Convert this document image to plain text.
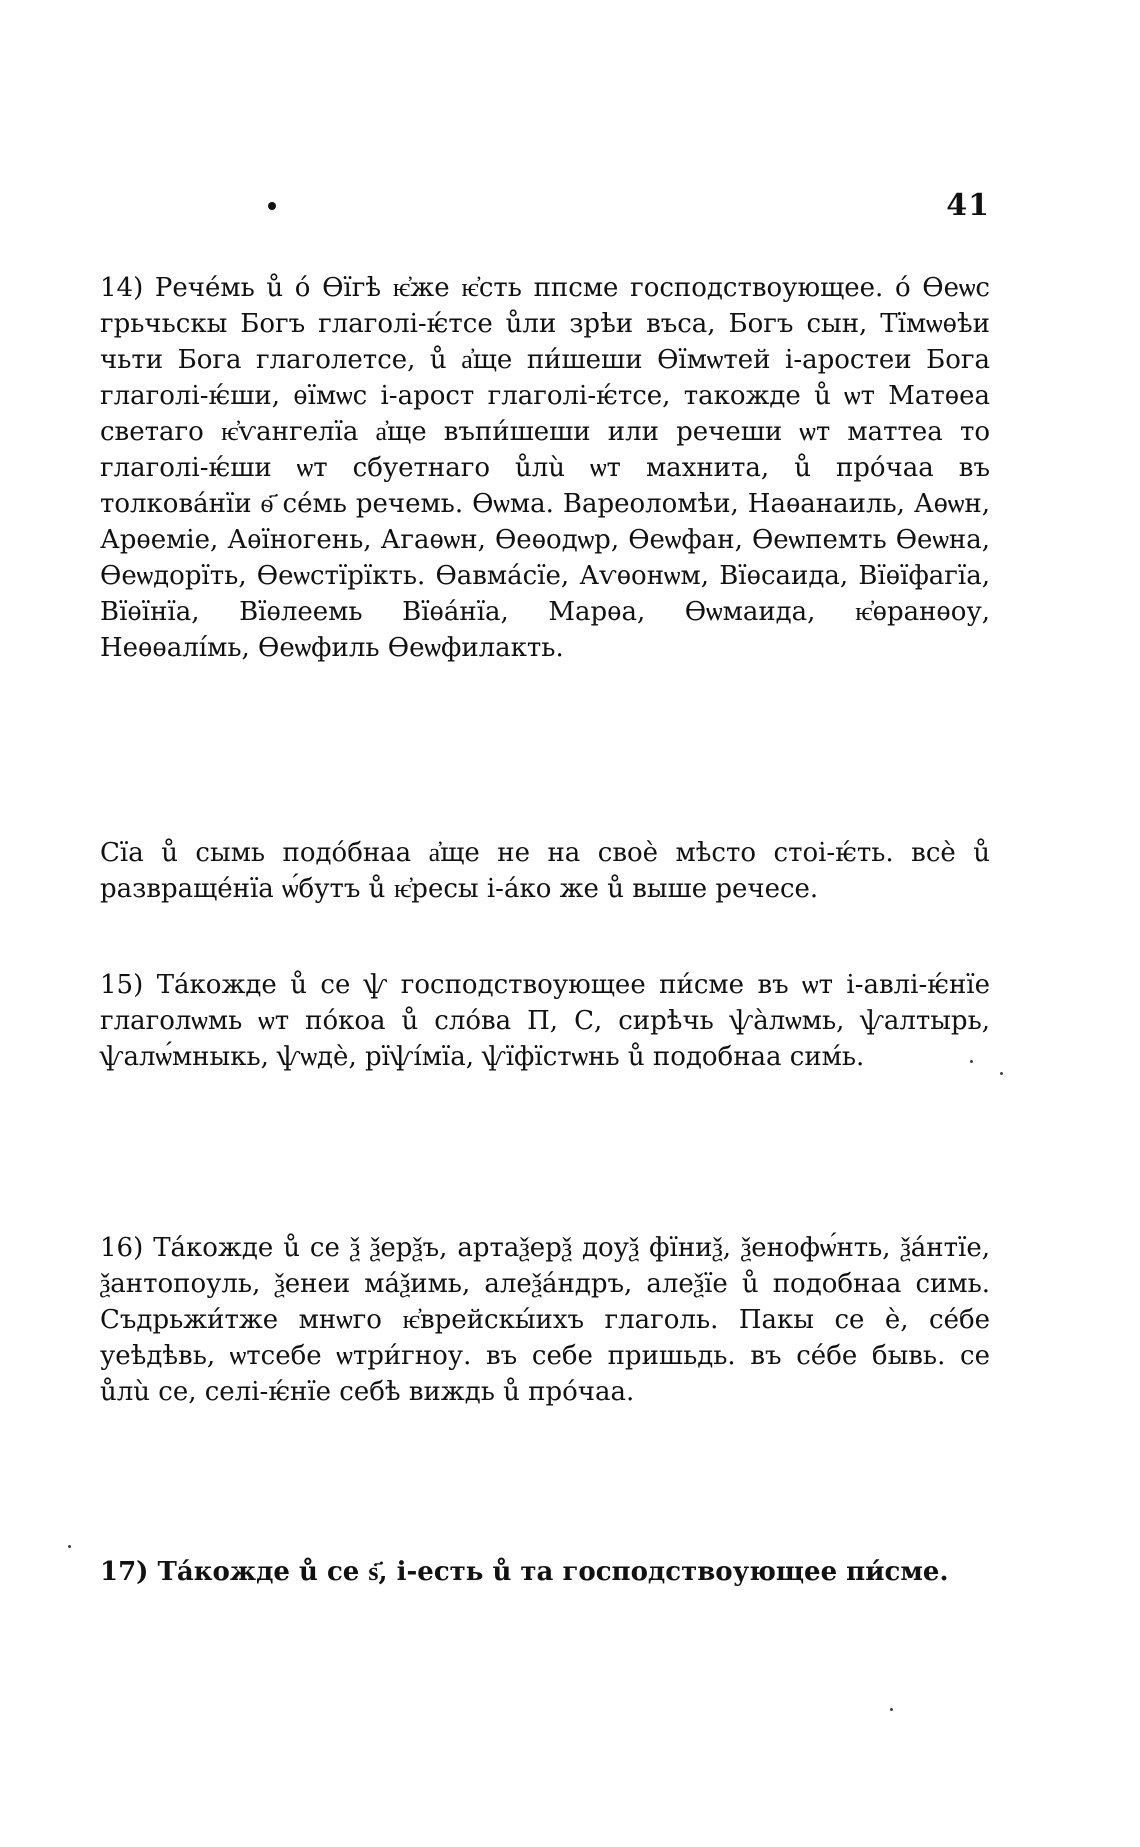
41

14) Речéмь ů ó Ѳïгѣ ѥ҆же ѥ҆сть ппсме господствоующее. ó Ѳеѡс грьчьскы Богъ глаголі-ѥ́тсе ůли зрѣи въса, Богъ сын, Тïмѡѳѣи чьти Бога глаголетсе, ů а҆ще пи́шеши Ѳïмѡтей і-аростеи Бога глаголі-ѥ́ши, ѳïмѡс і-арост глаголі-ѥ́тсе, такожде ů ѡт Матѳеа светаго ѥ҆ѵангелïа а҆ще въпи́шеши или речеши ѡт маттеа то глаголі-ѥ́ши ѡт сбуетнаго ůлù ѡт махнита, ů про́чаа въ толковáнïи ѳ҃ се́мь речемь. Ѳѡма. Вареоломѣи, Наѳанаиль, Аѳѡн, Арѳеміе, Аѳïногень, Агаѳѡн, Ѳеѳодѡр, Ѳеѡфан, Ѳеѡпемть Ѳеѡна, Ѳеѡдорïть, Ѳеѡстïрïкть. Ѳавмáсïе, Аѵѳонѡм, Вïѳсаида, Вïѳïфагïа, Вïѳïнïа, Вïѳлеемь Вïѳáнïа, Марѳа, Ѳѡмаида, ѥ҆ѳранѳоу, Неѳѳалíмь, Ѳеѡфиль Ѳеѡфилакть.

Сïа ů сымь подóбнаа а҆ще не на своѐ мѣсто стоі-ѥ́ть. всѐ ů развраще́нïа ѡ́бутъ ů ѥ҆ресы і-а́ко же ů выше речесе.

15) Та́кожде ů се ѱ господствоующее пи́сме въ ѡт і-авлі-ѥ́нïе глаголѡмь ѡт по́коа ů слóва П, С, сирѣчь ѱа̀лѡмь, ѱалтырь, ѱалѡ́мныкь, ѱѡдѐ, рïѱíмïа, ѱïфïстѡнь ů подобнаа сим́ь.

16) Та́кожде ů се ѯ ѯерѯъ, артаѯерѯ доуѯ фïниѯ, ѯенофѡ́нть, ѯáнтïе, ѯантопоуль, ѯенеи ма́ѯимь, алеѯáндръ, алеѯïе ů подобнаа симь. Съдрьжи́тже мнѡго ѥ҆врейскы́ихъ глаголь. Пакы се ѐ, се́бе уеѣдѣвь, ѡтсебе ѡтри́гноу. въ себе пришьдь. въ се́бе бывь. се ůлù се, селі-ѥ́нïе себѣ виждь ů про́чаа.

17) Та́кожде ů се ѕ҃, і-есть ů та господствоующее пи́сме.
